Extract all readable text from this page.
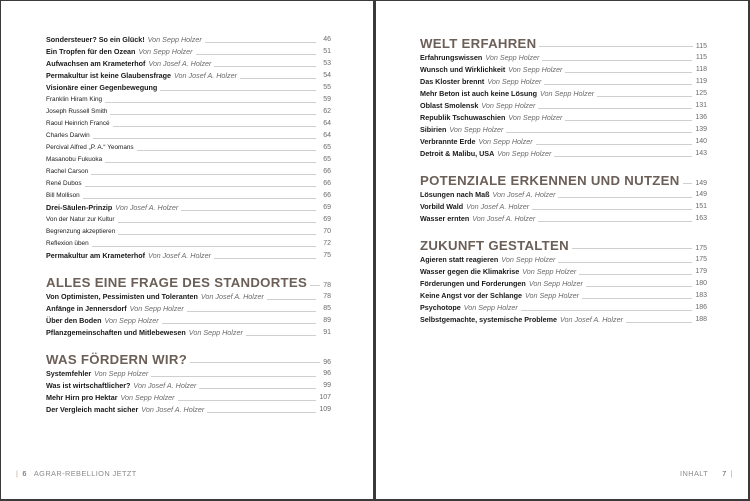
Sondersteuer? So ein Glück! Von Sepp Holzer	46
Ein Tropfen für den Ozean Von Sepp Holzer	51
Aufwachsen am Krameterhof Von Josef A. Holzer	53
Permakultur ist keine Glaubensfrage Von Josef A. Holzer	54
Visionäre einer Gegenbewegung	55
Franklin Hiram King	59
Joseph Russell Smith	62
Raoul Heinrich Francé	64
Charles Darwin	64
Percival Alfred „P. A.“ Yeomans	65
Masanobu Fukuoka	65
Rachel Carson	66
René Dubos	66
Bill Mollison	66
Drei-Säulen-Prinzip Von Josef A. Holzer	69
Von der Natur zur Kultur	69
Begrenzung akzeptieren	70
Reflexion üben	72
Permakultur am Krameterhof Von Josef A. Holzer	75
ALLES EINE FRAGE DES STANDORTES 78
Von Optimisten, Pessimisten und Toleranten Von Josef A. Holzer	78
Anfänge in Jennersdorf Von Sepp Holzer	85
Über den Boden Von Sepp Holzer	89
Pflanzgemeinschaften und Mitlebewesen Von Sepp Holzer	91
WAS FÖRDERN WIR?	96
Systemfehler Von Sepp Holzer	96
Was ist wirtschaftlicher? Von Josef A. Holzer	99
Mehr Hirn pro Hektar Von Sepp Holzer	107
Der Vergleich macht sicher Von Josef A. Holzer	109
| 6 AGRAR-REBELLION JETZT
WELT ERFAHREN	115
Erfahrungswissen Von Sepp Holzer	115
Wunsch und Wirklichkeit Von Sepp Holzer	118
Das Kloster brennt Von Sepp Holzer	119
Mehr Beton ist auch keine Lösung Von Sepp Holzer	125
Oblast Smolensk Von Sepp Holzer	131
Republik Tschuwaschien Von Sepp Holzer	136
Sibirien Von Sepp Holzer	139
Verbrannte Erde Von Sepp Holzer	140
Detroit & Malibu, USA Von Sepp Holzer	143
POTENZIALE ERKENNEN UND NUTZEN 149
Lösungen nach Maß Von Josef A. Holzer	149
Vorbild Wald Von Josef A. Holzer	151
Wasser ernten Von Josef A. Holzer	163
ZUKUNFT GESTALTEN	175
Agieren statt reagieren Von Sepp Holzer	175
Wasser gegen die Klimakrise Von Sepp Holzer	179
Förderungen und Forderungen Von Sepp Holzer	180
Keine Angst vor der Schlange Von Sepp Holzer	183
Psychotope Von Sepp Holzer	186
Selbstgemachte, systemische Probleme Von Josef A. Holzer	188
INHALT 7 |
